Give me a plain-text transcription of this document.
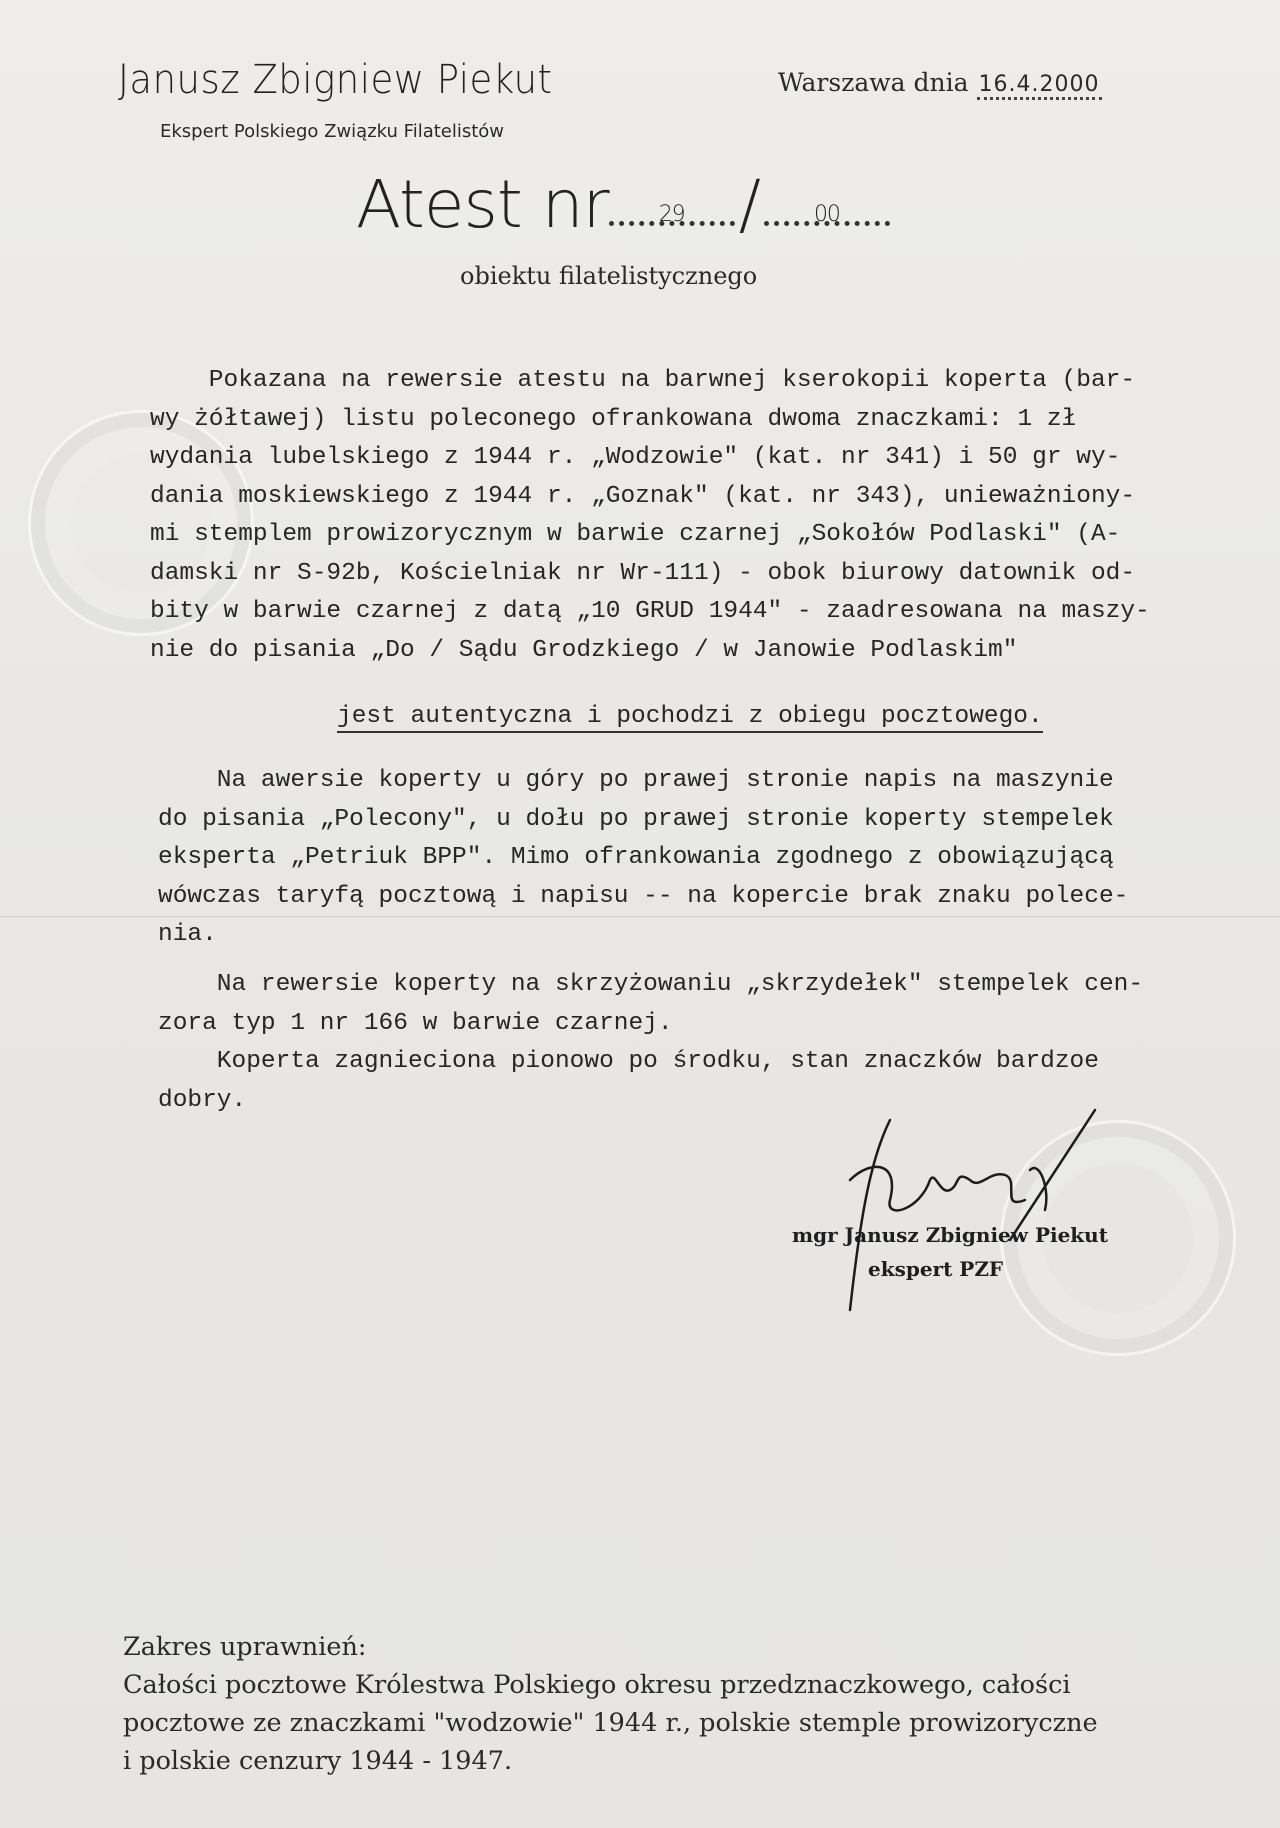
Janusz Zbigniew Piekut
Ekspert Polskiego Związku Filatelistów
Warszawa dnia 16.4.2000
Atest nr 29 / 00
obiektu filatelistycznego
Pokazana na rewersie atestu na barwnej kserokopii koperta (bar-
wy żółtawej) listu poleconego ofrankowana dwoma znaczkami: 1 zł
wydania lubelskiego z 1944 r. „Wodzowie" (kat. nr 341) i 50 gr wy-
dania moskiewskiego z 1944 r. „Goznak" (kat. nr 343), unieważniony-
mi stemplem prowizorycznym w barwie czarnej „Sokołów Podlaski" (A-
damski nr S-92b, Kościelniak nr Wr-111) - obok biurowy datownik od-
bity w barwie czarnej z datą „10 GRUD 1944" - zaadresowana na maszy-
nie do pisania „Do / Sądu Grodzkiego / w Janowie Podlaskim"
jest autentyczna i pochodzi z obiegu pocztowego.
Na awersie koperty u góry po prawej stronie napis na maszynie
do pisania „Polecony", u dołu po prawej stronie koperty stempelek
eksperta „Petriuk BPP". Mimo ofrankowania zgodnego z obowiązującą
wówczas taryfą pocztową i napisu -- na kopercie brak znaku polece-
nia.
Na rewersie koperty na skrzyżowaniu „skrzydełek" stempelek cen-
zora typ 1 nr 166 w barwie czarnej.
Koperta zagnieciona pionowo po środku, stan znaczków bardzoe
dobry.
mgr Janusz Zbigniew Piekut
ekspert PZF
Zakres uprawnień:
Całości pocztowe Królestwa Polskiego okresu przedznaczkowego, całości
pocztowe ze znaczkami "wodzowie" 1944 r., polskie stemple prowizoryczne
i polskie cenzury 1944 - 1947.
